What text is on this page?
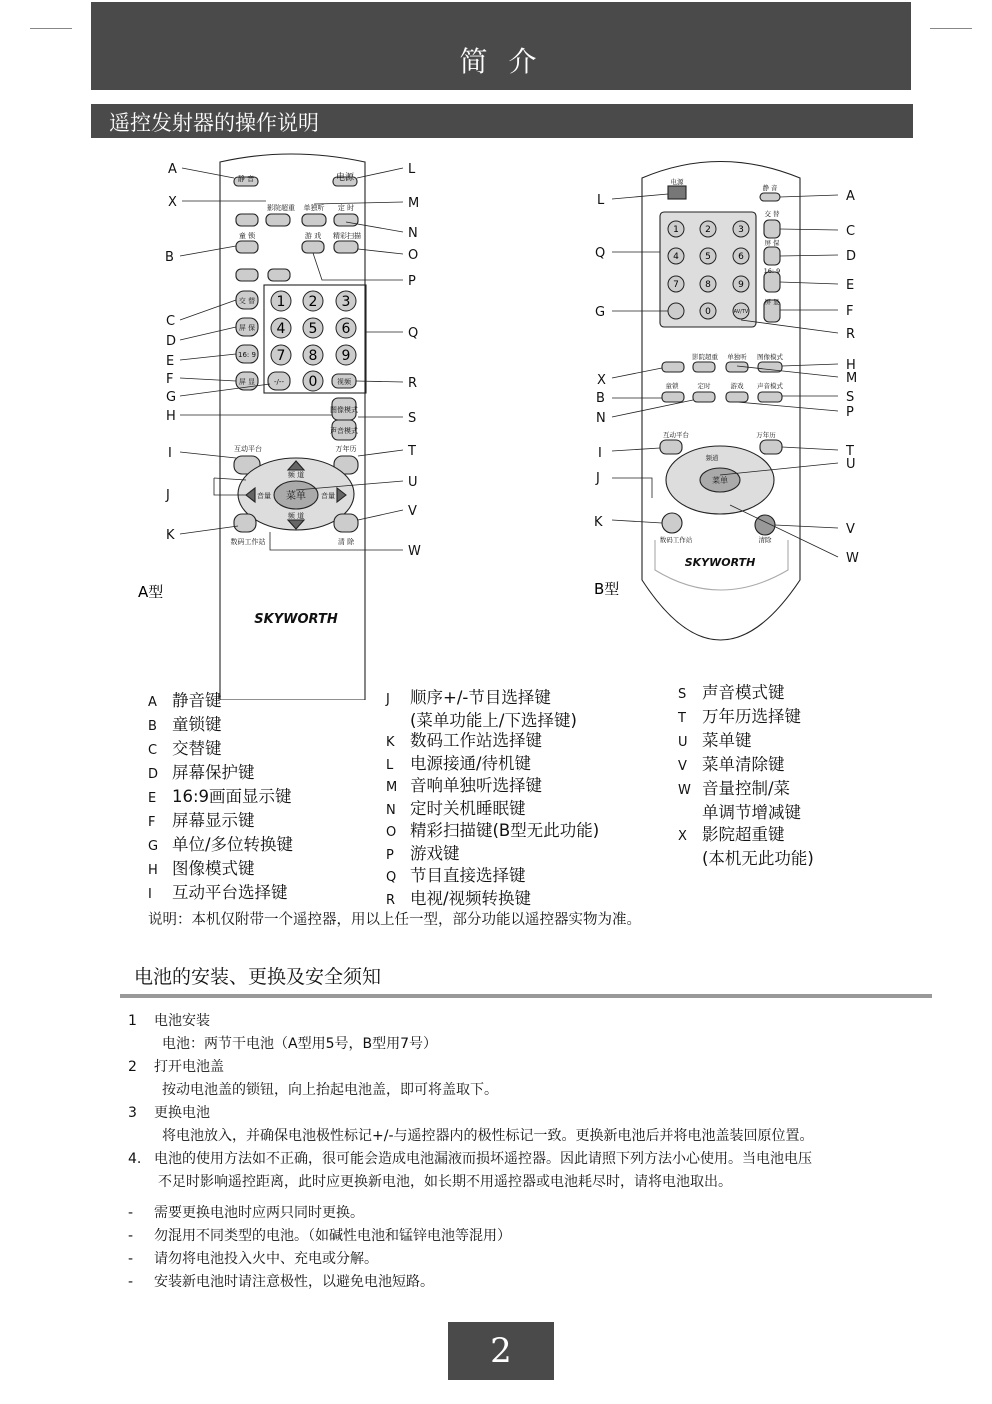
简 介
遥控发射器的操作说明
1 2 3
4 5 6
7 8 9
0
静 音	电源
影院超重 单独听 定 时
童 锁	游 戏 精彩扫描
交 替
屏 保
16: 9
屏 显	-/--	视频
图像模式
声音模式
互动平台	万年历
频 道
频 道
音量	音量
菜单
数码工作站	清 除
SKYWORTH
A型
A
X
B
C
D
E
F
G
H
I
J
K
L
M
N
O
P
Q
R
S
T
U
V
W
1	2	3
4	5	6
7	8	9
0
电源
静 音
交 替
屏 保
16: 9
屏 显
AV/TV
影院超重 单独听 图像模式
童锁	定时	游戏 声音模式
互动平台	万年历
频道
菜单
数码工作站	清除
SKYWORTH
B型
L
Q
G
X
B
N
I
J
K
A
C
D
E
F
R
H
M
S
P
T
U
V
W
A 静音键
B 童锁键
C 交替键
D 屏幕保护键
E 16:9画面显示键
F 屏幕显示键
G 单位/多位转换键
H 图像模式键
I 互动平台选择键
J 顺序+/-节目选择键
(菜单功能上/下选择键)
K 数码工作站选择键
L 电源接通/待机键
M 音响单独听选择键
N 定时关机睡眠键
O 精彩扫描键(B型无此功能)
P 游戏键
Q 节目直接选择键
R 电视/视频转换键
S 声音模式键
T 万年历选择键
U 菜单键
V 菜单清除键
W 音量控制/菜
单调节增减键
X 影院超重键
(本机无此功能)
说明：本机仅附带一个遥控器，用以上任一型，部分功能以遥控器实物为准。
电池的安装、更换及安全须知
1 电池安装
电池：两节干电池（A型用5号，B型用7号）
2 打开电池盖
按动电池盖的锁钮，向上抬起电池盖，即可将盖取下。
3 更换电池
将电池放入，并确保电池极性标记+/-与遥控器内的极性标记一致。更换新电池后并将电池盖装回原位置。
4. 电池的使用方法如不正确，很可能会造成电池漏液而损坏遥控器。因此请照下列方法小心使用。当电池电压
不足时影响遥控距离，此时应更换新电池，如长期不用遥控器或电池耗尽时，请将电池取出。
- 需要更换电池时应两只同时更换。
- 勿混用不同类型的电池。（如碱性电池和锰锌电池等混用）
- 请勿将电池投入火中、充电或分解。
- 安装新电池时请注意极性，以避免电池短路。
2
